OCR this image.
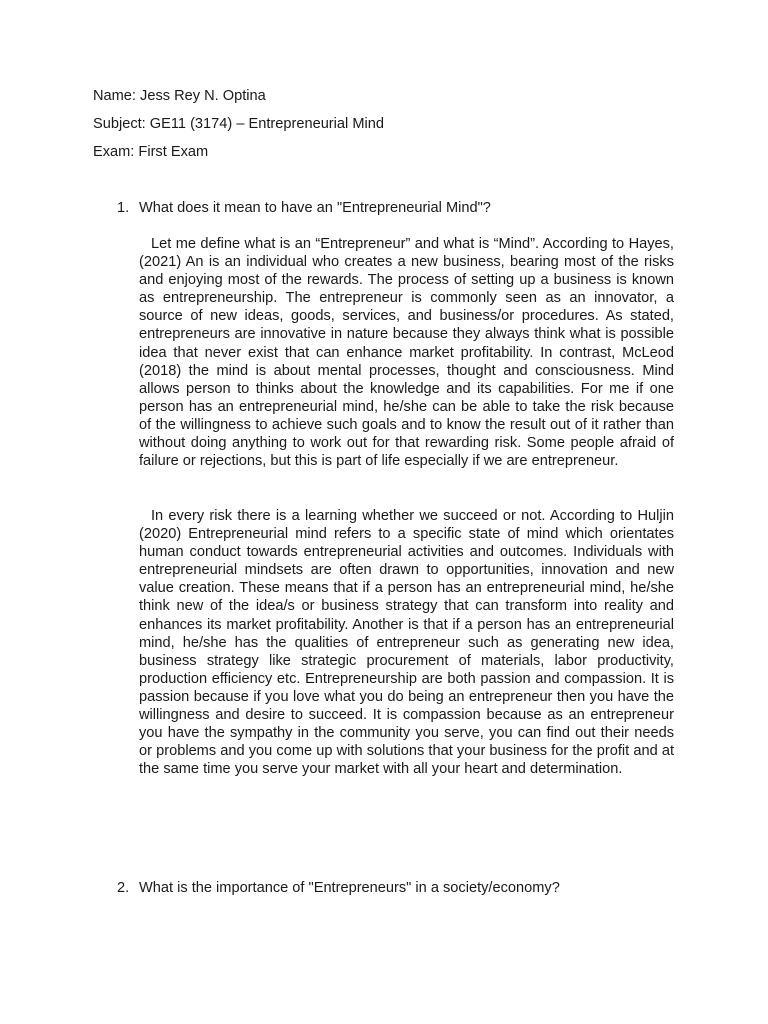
Name: Jess Rey N. Optina
Subject: GE11 (3174) – Entrepreneurial Mind
Exam: First Exam
1. What does it mean to have an "Entrepreneurial Mind"?

Let me define what is an “Entrepreneur” and what is “Mind”. According to Hayes, (2021) An is an individual who creates a new business, bearing most of the risks and enjoying most of the rewards. The process of setting up a business is known as entrepreneurship. The entrepreneur is commonly seen as an innovator, a source of new ideas, goods, services, and business/or procedures. As stated, entrepreneurs are innovative in nature because they always think what is possible idea that never exist that can enhance market profitability. In contrast, McLeod (2018) the mind is about mental processes, thought and consciousness. Mind allows person to thinks about the knowledge and its capabilities. For me if one person has an entrepreneurial mind, he/she can be able to take the risk because of the willingness to achieve such goals and to know the result out of it rather than without doing anything to work out for that rewarding risk. Some people afraid of failure or rejections, but this is part of life especially if we are entrepreneur.

In every risk there is a learning whether we succeed or not. According to Huljin (2020) Entrepreneurial mind refers to a specific state of mind which orientates human conduct towards entrepreneurial activities and outcomes. Individuals with entrepreneurial mindsets are often drawn to opportunities, innovation and new value creation. These means that if a person has an entrepreneurial mind, he/she think new of the idea/s or business strategy that can transform into reality and enhances its market profitability. Another is that if a person has an entrepreneurial mind, he/she has the qualities of entrepreneur such as generating new idea, business strategy like strategic procurement of materials, labor productivity, production efficiency etc. Entrepreneurship are both passion and compassion. It is passion because if you love what you do being an entrepreneur then you have the willingness and desire to succeed. It is compassion because as an entrepreneur you have the sympathy in the community you serve, you can find out their needs or problems and you come up with solutions that your business for the profit and at the same time you serve your market with all your heart and determination.

2. What is the importance of "Entrepreneurs" in a society/economy?
